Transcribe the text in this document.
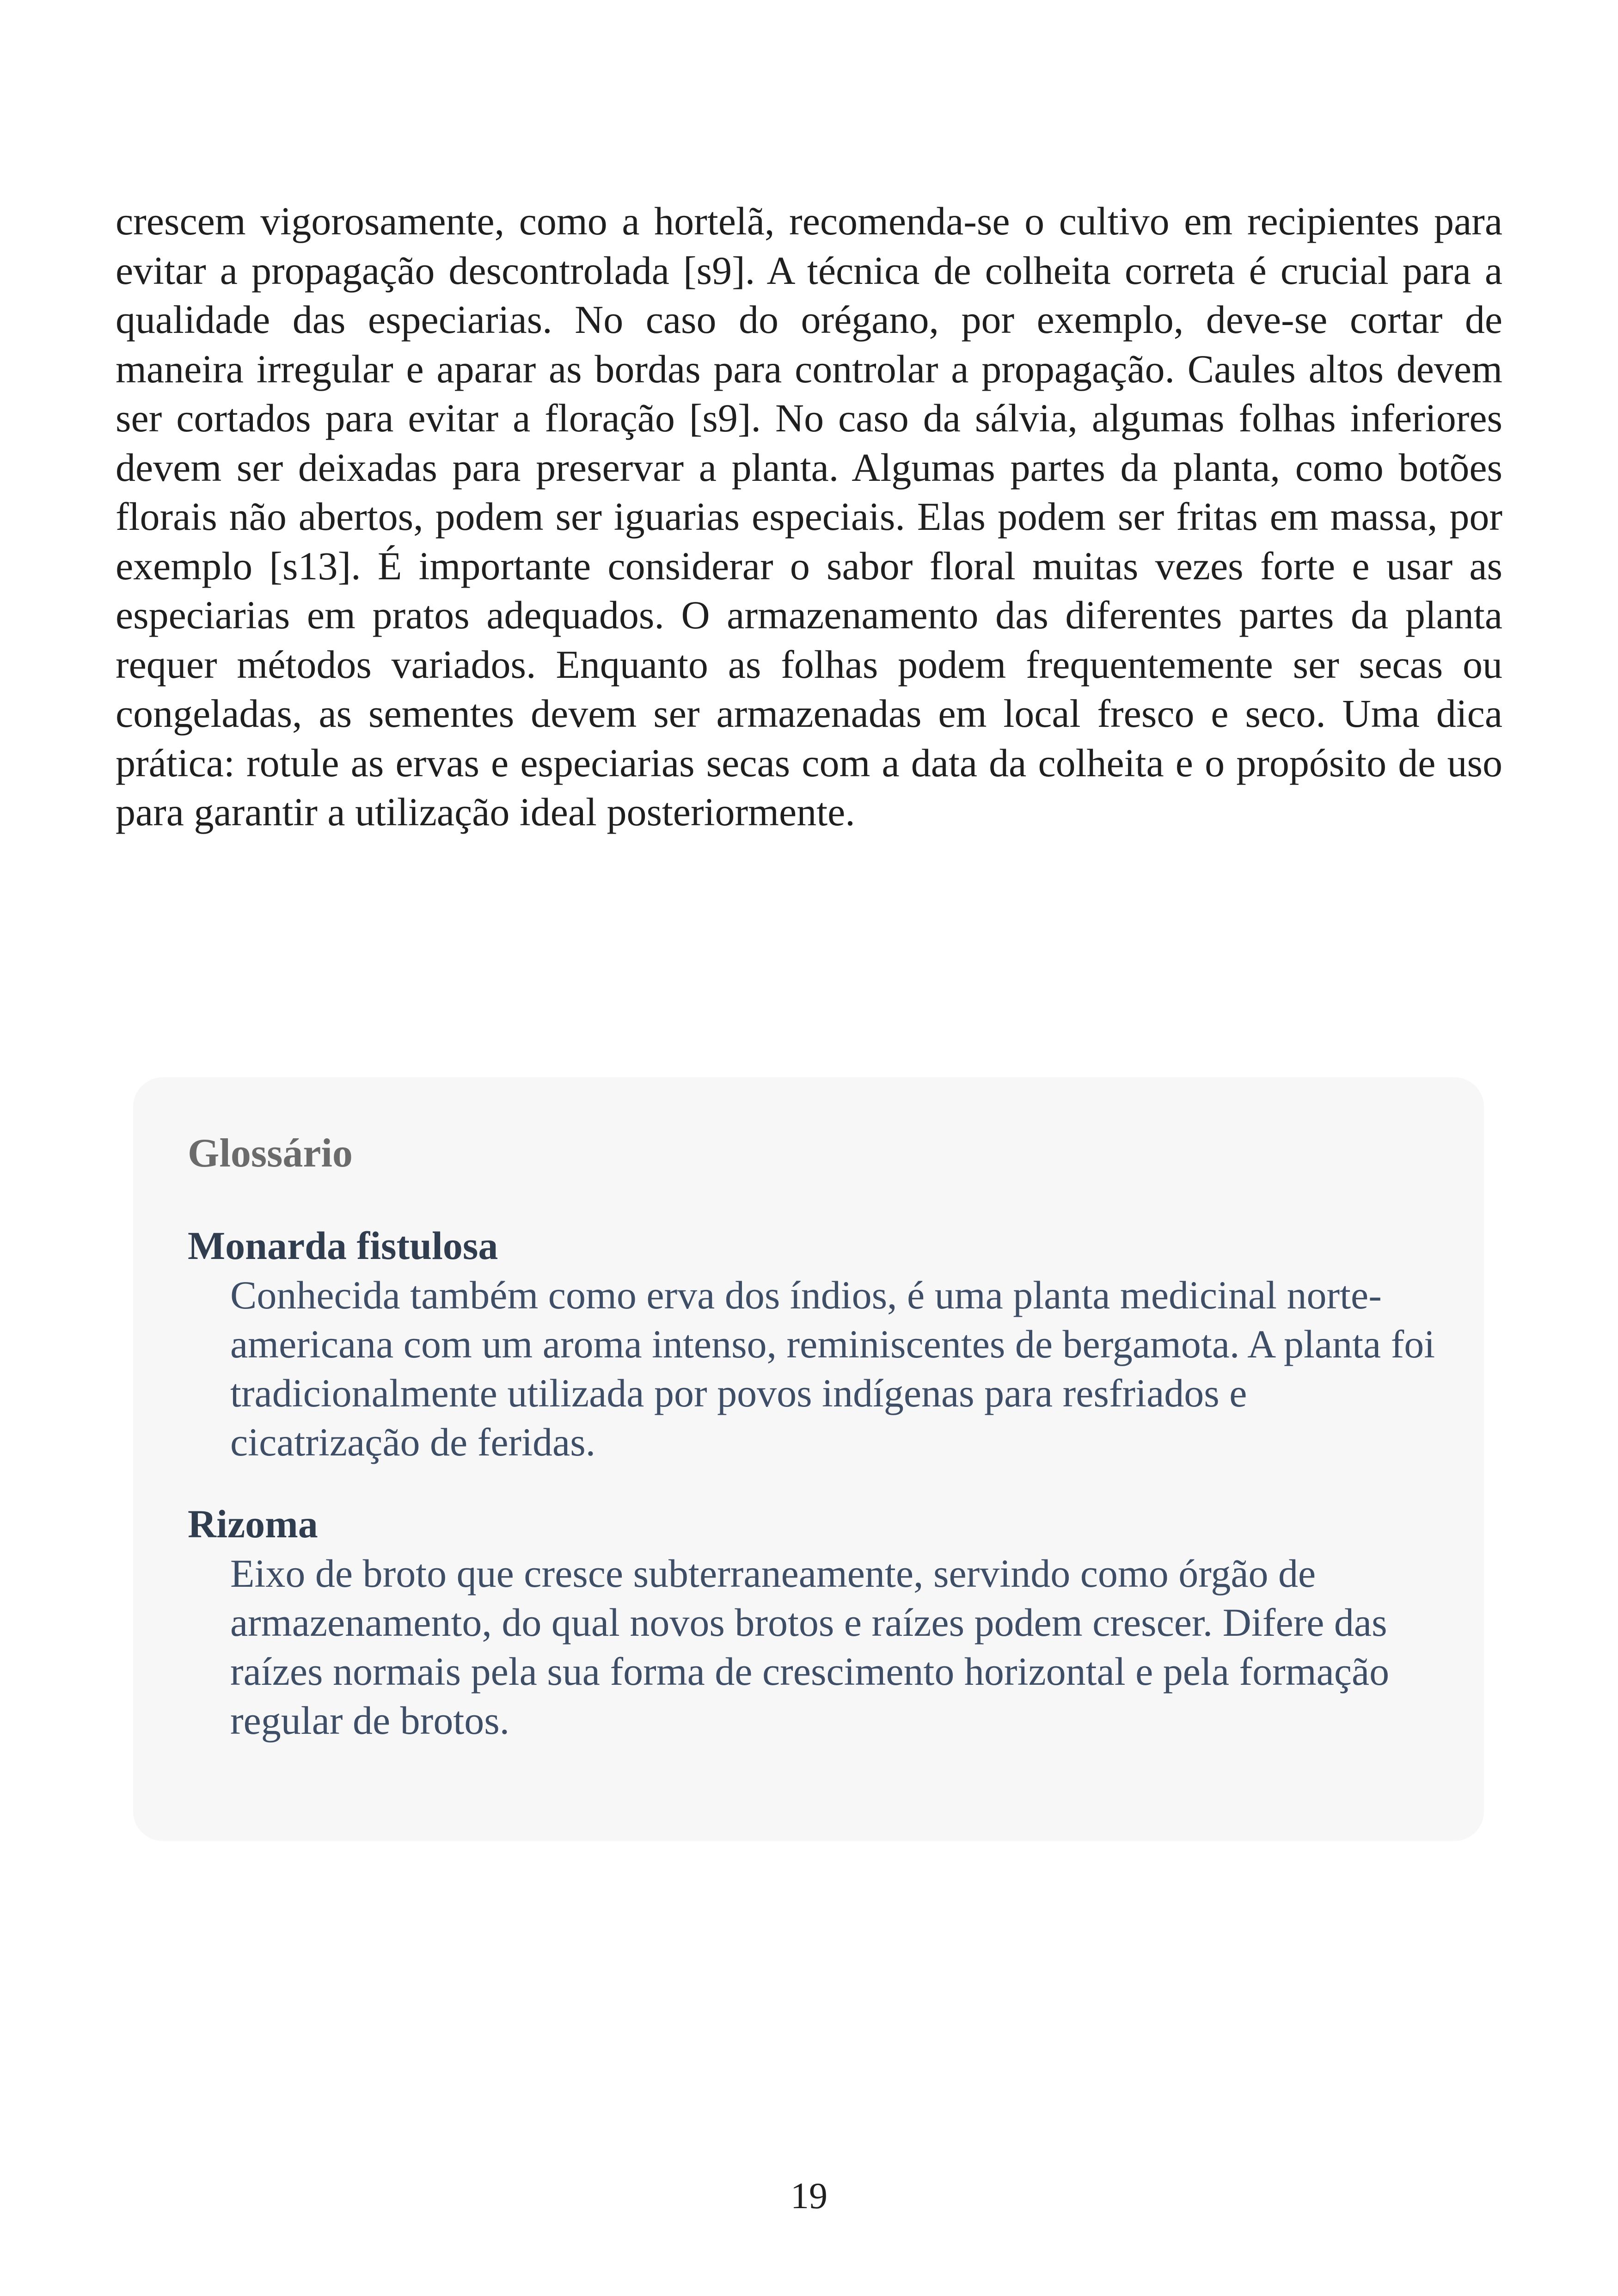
crescem vigorosamente, como a hortelã, recomenda-se o cultivo em recipientes para evitar a propagação descontrolada [s9]. A técnica de colheita correta é crucial para a qualidade das especiarias. No caso do orégano, por exemplo, deve-se cortar de maneira irregular e aparar as bordas para controlar a propagação. Caules altos devem ser cortados para evitar a floração [s9]. No caso da sálvia, algumas folhas inferiores devem ser deixadas para preservar a planta. Algumas partes da planta, como botões florais não abertos, podem ser iguarias especiais. Elas podem ser fritas em massa, por exemplo [s13]. É importante considerar o sabor floral muitas vezes forte e usar as especiarias em pratos adequados. O armazenamento das diferentes partes da planta requer métodos variados. Enquanto as folhas podem frequentemente ser secas ou congeladas, as sementes devem ser armazenadas em local fresco e seco. Uma dica prática: rotule as ervas e especiarias secas com a data da colheita e o propósito de uso para garantir a utilização ideal posteriormente.

Glossário
Monarda fistulosa
Conhecida também como erva dos índios, é uma planta medicinal norte-americana com um aroma intenso, reminiscentes de bergamota. A planta foi tradicionalmente utilizada por povos indígenas para resfriados e cicatrização de feridas.
Rizoma
Eixo de broto que cresce subterraneamente, servindo como órgão de armazenamento, do qual novos brotos e raízes podem crescer. Difere das raízes normais pela sua forma de crescimento horizontal e pela formação regular de brotos.
19
